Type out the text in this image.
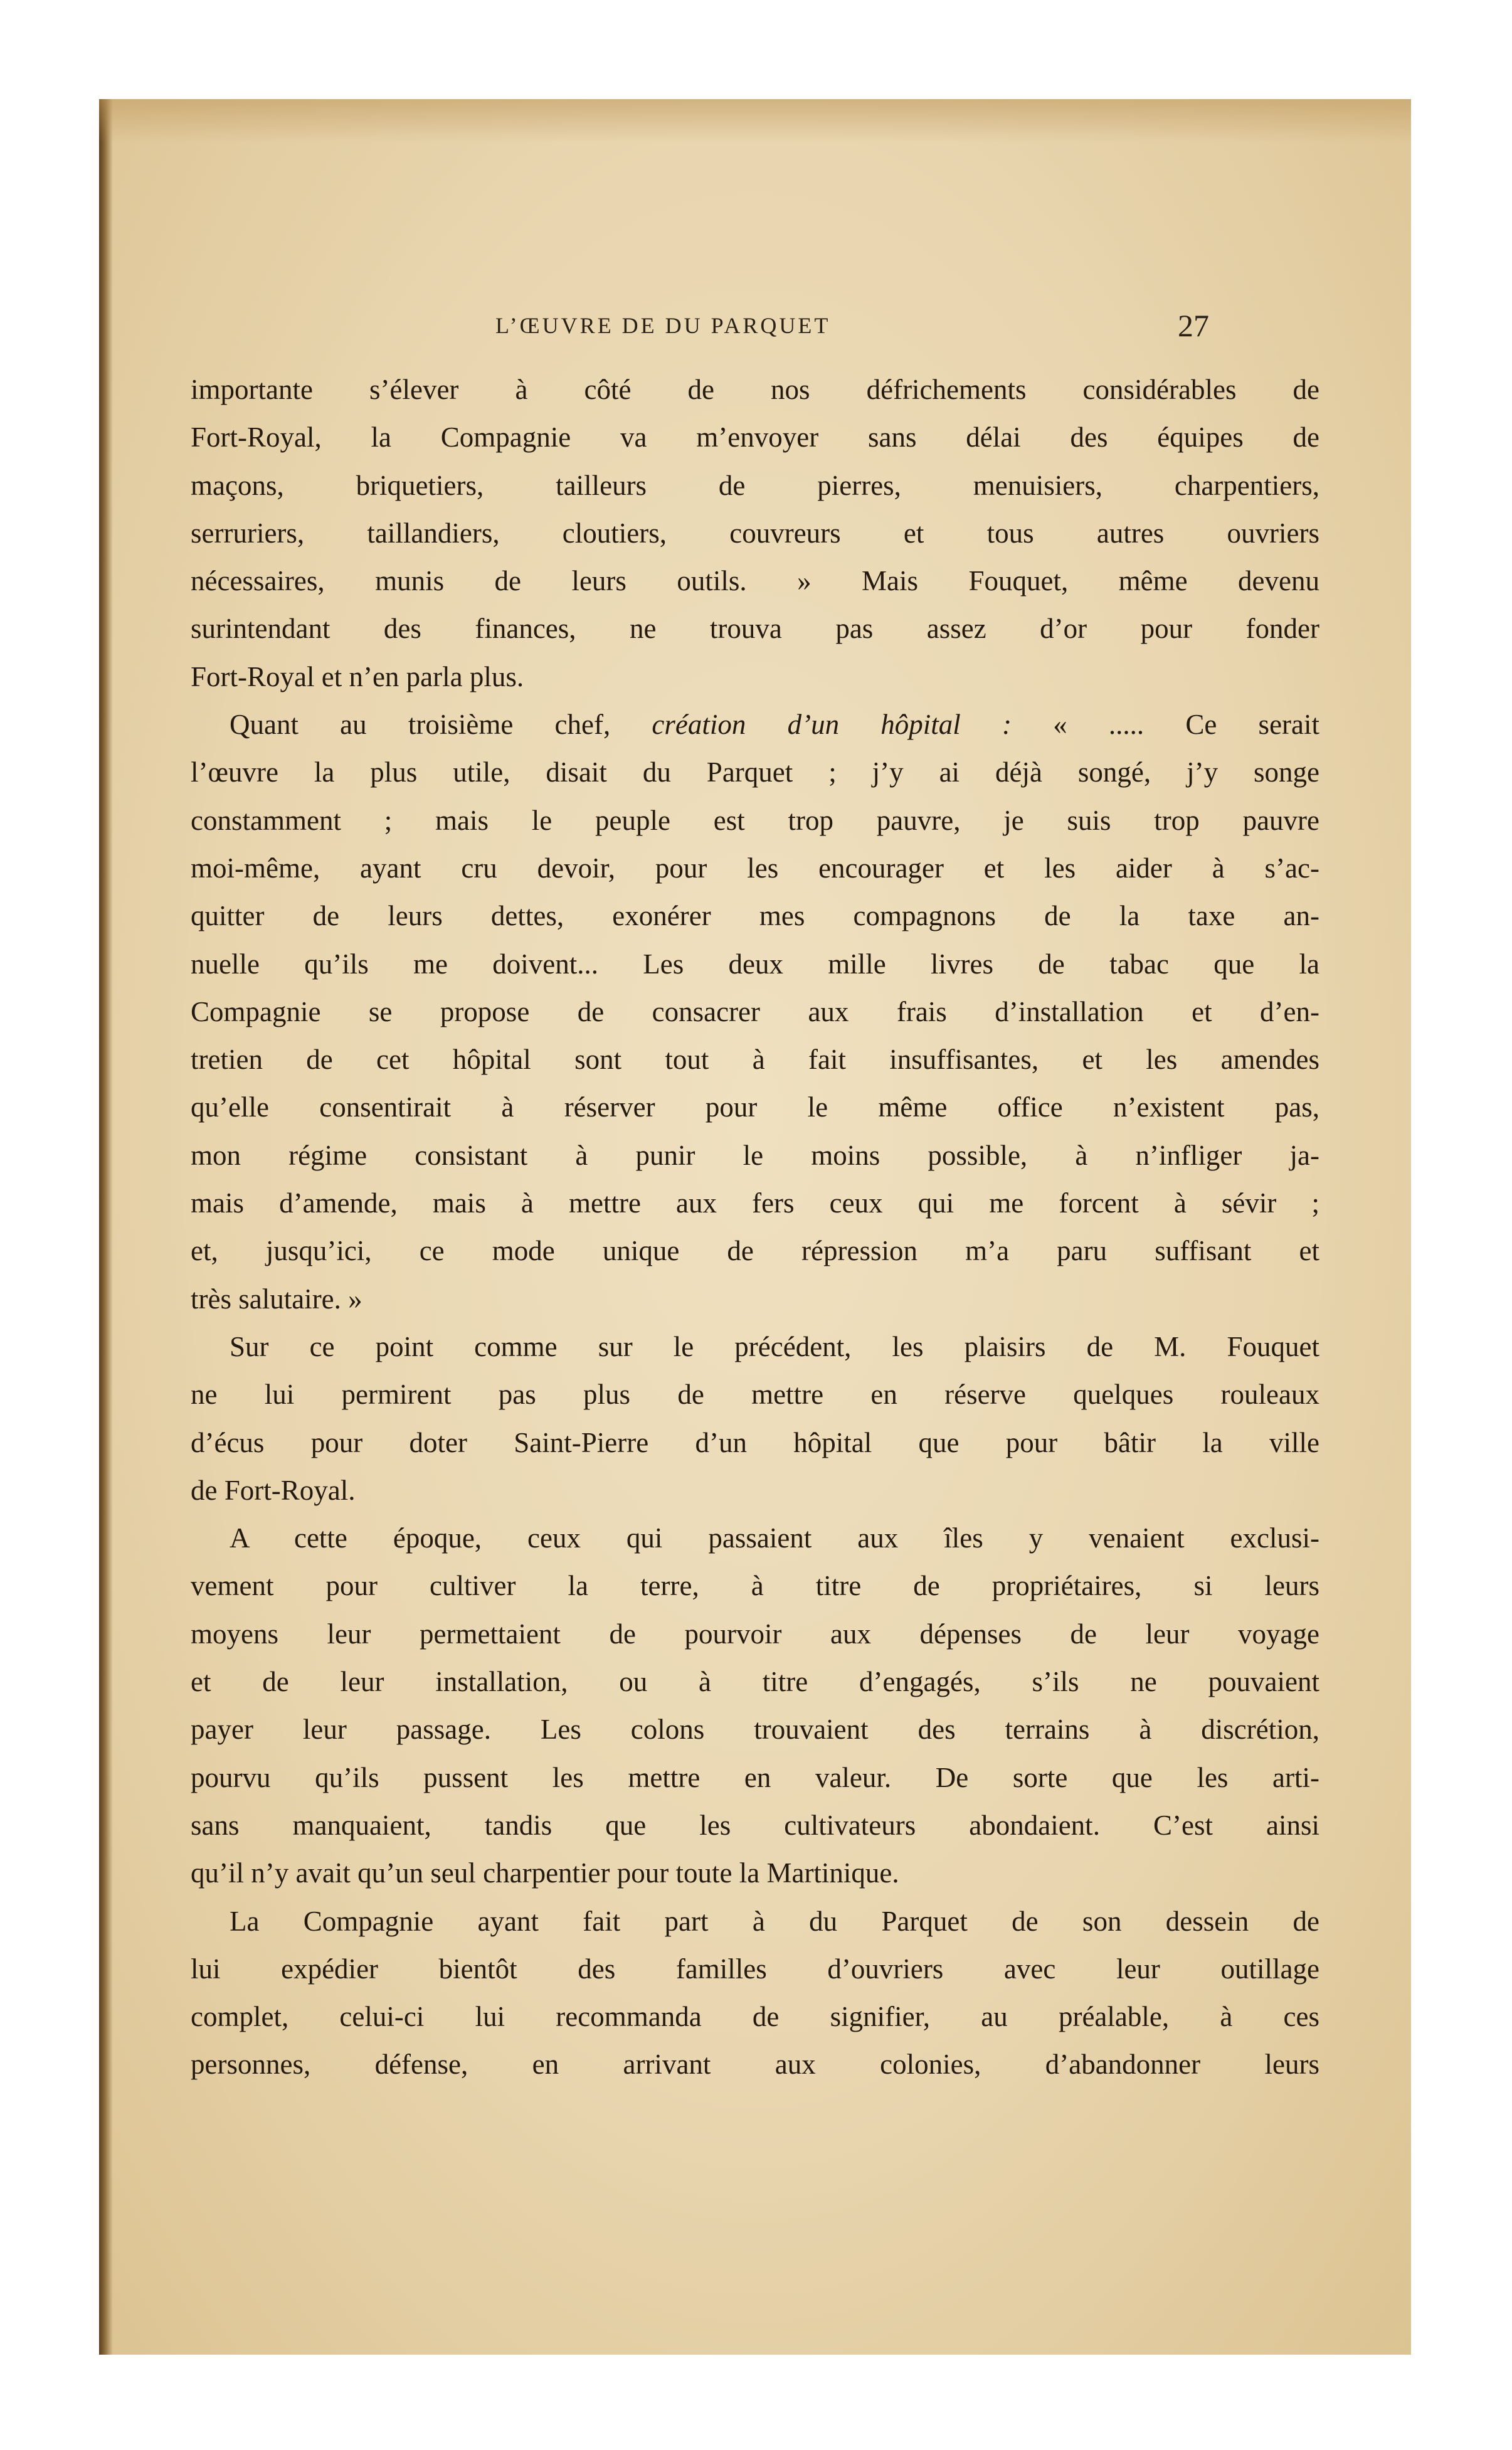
L’ŒUVRE DE DU PARQUET	27
importante s’élever à côté de nos défrichements considérables de
Fort-Royal, la Compagnie va m’envoyer sans délai des équipes de
maçons, briquetiers, tailleurs de pierres, menuisiers, charpentiers,
serruriers, taillandiers, cloutiers, couvreurs et tous autres ouvriers
nécessaires, munis de leurs outils. » Mais Fouquet, même devenu
surintendant des finances, ne trouva pas assez d’or pour fonder
Fort-Royal et n’en parla plus.
Quant au troisième chef, création d’un hôpital : « ..... Ce serait
l’œuvre la plus utile, disait du Parquet ; j’y ai déjà songé, j’y songe
constamment ; mais le peuple est trop pauvre, je suis trop pauvre
moi-même, ayant cru devoir, pour les encourager et les aider à s’ac-
quitter de leurs dettes, exonérer mes compagnons de la taxe an-
nuelle qu’ils me doivent... Les deux mille livres de tabac que la
Compagnie se propose de consacrer aux frais d’installation et d’en-
tretien de cet hôpital sont tout à fait insuffisantes, et les amendes
qu’elle consentirait à réserver pour le même office n’existent pas,
mon régime consistant à punir le moins possible, à n’infliger ja-
mais d’amende, mais à mettre aux fers ceux qui me forcent à sévir ;
et, jusqu’ici, ce mode unique de répression m’a paru suffisant et
très salutaire. »
Sur ce point comme sur le précédent, les plaisirs de M. Fouquet
ne lui permirent pas plus de mettre en réserve quelques rouleaux
d’écus pour doter Saint-Pierre d’un hôpital que pour bâtir la ville
de Fort-Royal.
A cette époque, ceux qui passaient aux îles y venaient exclusi-
vement pour cultiver la terre, à titre de propriétaires, si leurs
moyens leur permettaient de pourvoir aux dépenses de leur voyage
et de leur installation, ou à titre d’engagés, s’ils ne pouvaient
payer leur passage. Les colons trouvaient des terrains à discrétion,
pourvu qu’ils pussent les mettre en valeur. De sorte que les arti-
sans manquaient, tandis que les cultivateurs abondaient. C’est ainsi
qu’il n’y avait qu’un seul charpentier pour toute la Martinique.
La Compagnie ayant fait part à du Parquet de son dessein de
lui expédier bientôt des familles d’ouvriers avec leur outillage
complet, celui-ci lui recommanda de signifier, au préalable, à ces
personnes, défense, en arrivant aux colonies, d’abandonner leurs
